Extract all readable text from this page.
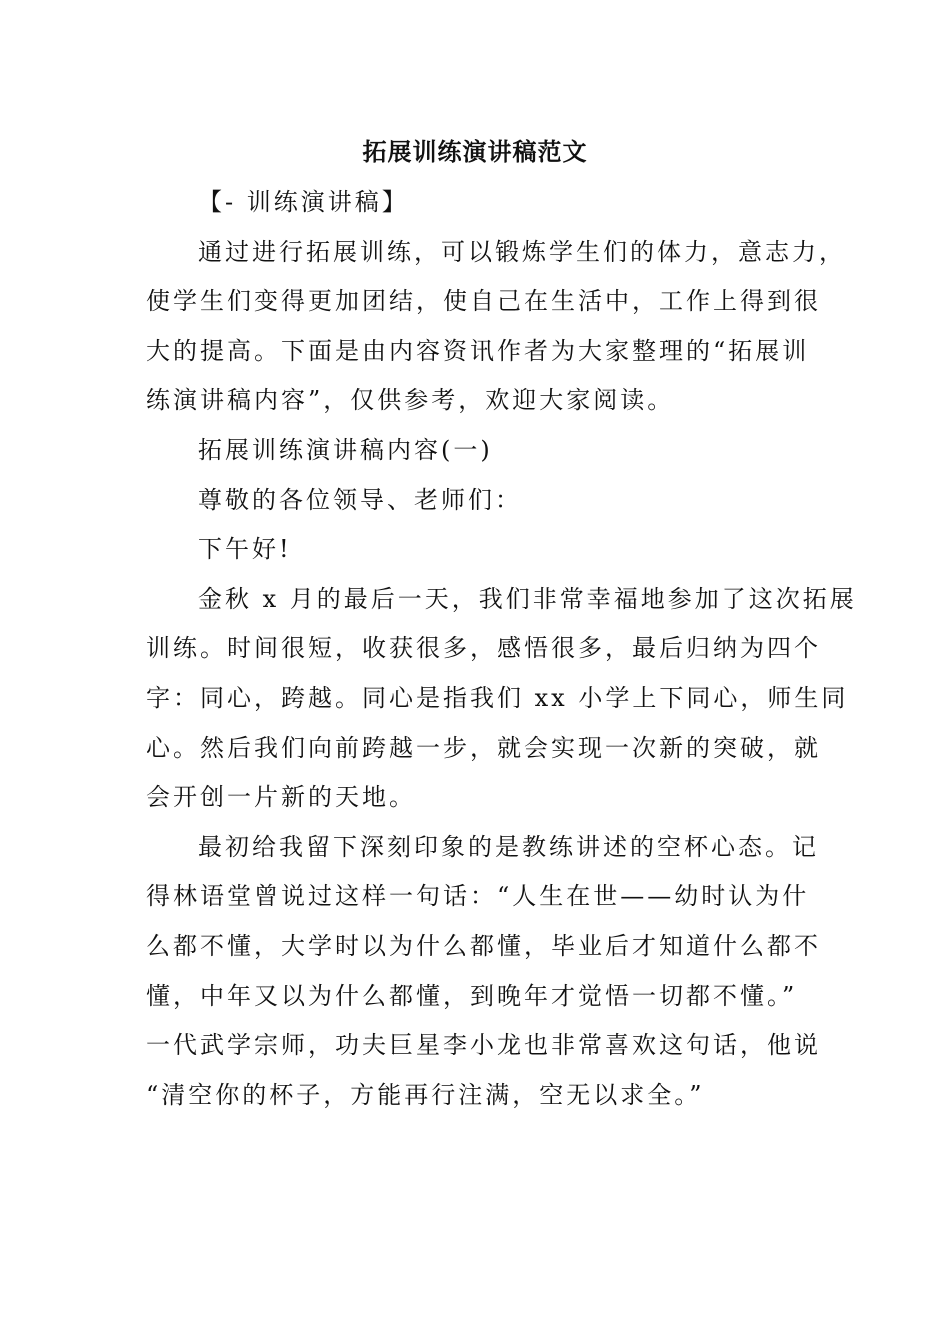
拓展训练演讲稿范文

【- 训练演讲稿】

通过进行拓展训练，可以锻炼学生们的体力，意志力，

使学生们变得更加团结，使自己在生活中，工作上得到很

大的提高。下面是由内容资讯作者为大家整理的“拓展训

练演讲稿内容”，仅供参考，欢迎大家阅读。

拓展训练演讲稿内容(一)

尊敬的各位领导、老师们：

下午好!

金秋 x 月的最后一天，我们非常幸福地参加了这次拓展

训练。时间很短，收获很多，感悟很多，最后归纳为四个

字：同心，跨越。同心是指我们 xx 小学上下同心，师生同

心。然后我们向前跨越一步，就会实现一次新的突破，就

会开创一片新的天地。

最初给我留下深刻印象的是教练讲述的空杯心态。记

得林语堂曾说过这样一句话：“人生在世——幼时认为什

么都不懂，大学时以为什么都懂，毕业后才知道什么都不

懂，中年又以为什么都懂，到晚年才觉悟一切都不懂。”

一代武学宗师，功夫巨星李小龙也非常喜欢这句话，他说

“清空你的杯子，方能再行注满，空无以求全。”
